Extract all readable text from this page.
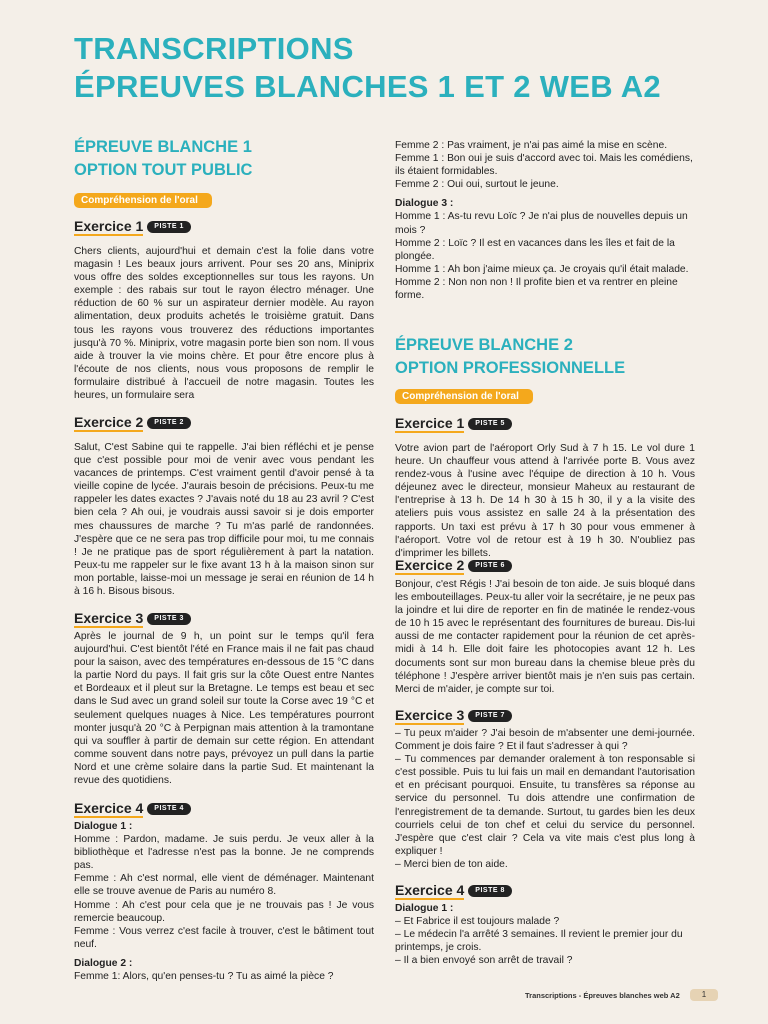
TRANSCRIPTIONS
ÉPREUVES BLANCHES 1 ET 2 WEB A2
ÉPREUVE BLANCHE 1
OPTION TOUT PUBLIC
Compréhension de l'oral
Exercice 1	PISTE 1
Chers clients, aujourd'hui et demain c'est la folie dans votre magasin ! Les beaux jours arrivent. Pour ses 20 ans, Miniprix vous offre des soldes exceptionnelles sur tous les rayons. Un exemple : des rabais sur tout le rayon électro ménager. Une réduction de 60 % sur un aspirateur dernier modèle. Au rayon alimentation, deux produits achetés le troisième gratuit. Dans tous les rayons vous trouverez des réductions importantes jusqu'à 70 %. Miniprix, votre magasin porte bien son nom. Il vous aide à trouver la vie moins chère. Et pour être encore plus à l'écoute de nos clients, nous vous proposons de remplir le formulaire distribué à l'accueil de notre magasin. Toutes les heures, un formulaire sera
Exercice 2	PISTE 2
Salut, C'est Sabine qui te rappelle. J'ai bien réfléchi et je pense que c'est possible pour moi de venir avec vous pendant les vacances de printemps. C'est vraiment gentil d'avoir pensé à ta vieille copine de lycée. J'aurais besoin de précisions. Peux-tu me rappeler les dates exactes ? J'avais noté du 18 au 23 avril ? C'est bien cela ? Ah oui, je voudrais aussi savoir si je dois emporter mes chaussures de marche ? Tu m'as parlé de randonnées. J'espère que ce ne sera pas trop difficile pour moi, tu me connais ! Je ne pratique pas de sport régulièrement à part la natation. Peux-tu me rappeler sur le fixe avant 13 h à la maison sinon sur mon portable, laisse-moi un message je serai en réunion de 14 h à 16 h. Bisous bisous.
Exercice 3	PISTE 3
Après le journal de 9 h, un point sur le temps qu'il fera aujourd'hui. C'est bientôt l'été en France mais il ne fait pas chaud pour la saison, avec des températures en-dessous de 15 °C dans la partie Nord du pays. Il fait gris sur la côte Ouest entre Nantes et Bordeaux et il pleut sur la Bretagne. Le temps est beau et sec dans le Sud avec un grand soleil sur toute la Corse avec 19 °C et seulement quelques nuages à Nice. Les températures pourront monter jusqu'à 20 °C à Perpignan mais attention à la tramontane qui va souffler à partir de demain sur cette région. En attendant comme souvent dans notre pays, prévoyez un pull dans la partie Nord et une crème solaire dans la partie Sud. Et maintenant la revue des quotidiens.
Exercice 4	PISTE 4

Dialogue 1 :

Homme : Pardon, madame. Je suis perdu. Je veux aller à la bibliothèque et l'adresse n'est pas la bonne. Je ne comprends pas.

Femme : Ah c'est normal, elle vient de déménager. Maintenant elle se trouve avenue de Paris au numéro 8.

Homme : Ah c'est pour cela que je ne trouvais pas ! Je vous remercie beaucoup.

Femme : Vous verrez c'est facile à trouver, c'est le bâtiment tout neuf.

Dialogue 2 :

Femme 1: Alors, qu'en penses-tu ? Tu as aimé la pièce ?

Femme 2 : Pas vraiment, je n'ai pas aimé la mise en scène.

Femme 1 : Bon oui je suis d'accord avec toi. Mais les comédiens, ils étaient formidables.

Femme 2 : Oui oui, surtout le jeune.

Dialogue 3 :

Homme 1 : As-tu revu Loïc ? Je n'ai plus de nouvelles depuis un mois ?

Homme 2 : Loïc ? Il est en vacances dans les îles et fait de la plongée.

Homme 1 : Ah bon j'aime mieux ça. Je croyais qu'il était malade.

Homme 2 : Non non non ! Il profite bien et va rentrer en pleine forme.

ÉPREUVE BLANCHE 2
OPTION PROFESSIONNELLE
Compréhension de l'oral
Exercice 1	PISTE 5
Votre avion part de l'aéroport Orly Sud à 7 h 15. Le vol dure 1 heure. Un chauffeur vous attend à l'arrivée porte B. Vous avez rendez-vous à l'usine avec l'équipe de direction à 10 h. Vous déjeunez avec le directeur, monsieur Maheux au restaurant de l'entreprise à 13 h. De 14 h 30 à 15 h 30, il y a la visite des ateliers puis vous assistez en salle 24 à la présentation des rapports. Un taxi est prévu à 17 h 30 pour vous emmener à l'aéroport. Votre vol de retour est à 19 h 30. N'oubliez pas d'imprimer les billets.
Exercice 2	PISTE 6
Bonjour, c'est Régis ! J'ai besoin de ton aide. Je suis bloqué dans les embouteillages. Peux-tu aller voir la secrétaire, je ne peux pas la joindre et lui dire de reporter en fin de matinée le rendez-vous de 10 h 15 avec le représentant des fournitures de bureau. Dis-lui aussi de me contacter rapidement pour la réunion de cet après-midi à 14 h. Elle doit faire les photocopies avant 12 h. Les documents sont sur mon bureau dans la chemise bleue près du téléphone ! J'espère arriver bientôt mais je n'en suis pas certain. Merci de m'aider, je compte sur toi.
Exercice 3	PISTE 7

– Tu peux m'aider ? J'ai besoin de m'absenter une demi-journée. Comment je dois faire ? Et il faut s'adresser à qui ?

– Tu commences par demander oralement à ton responsable si c'est possible. Puis tu lui fais un mail en demandant l'autorisation et en précisant pourquoi. Ensuite, tu transfères sa réponse au service du personnel. Tu dois attendre une confirmation de l'enregistrement de ta demande. Surtout, tu gardes bien les deux courriels celui de ton chef et celui du service du personnel. J'espère que c'est clair ? Cela va vite mais c'est plus long à expliquer !

– Merci bien de ton aide.

Exercice 4	PISTE 8

Dialogue 1 :

– Et Fabrice il est toujours malade ?

– Le médecin l'a arrêté 3 semaines. Il revient le premier jour du printemps, je crois.

– Il a bien envoyé son arrêt de travail ?

Transcriptions - Épreuves blanches web A2	1
